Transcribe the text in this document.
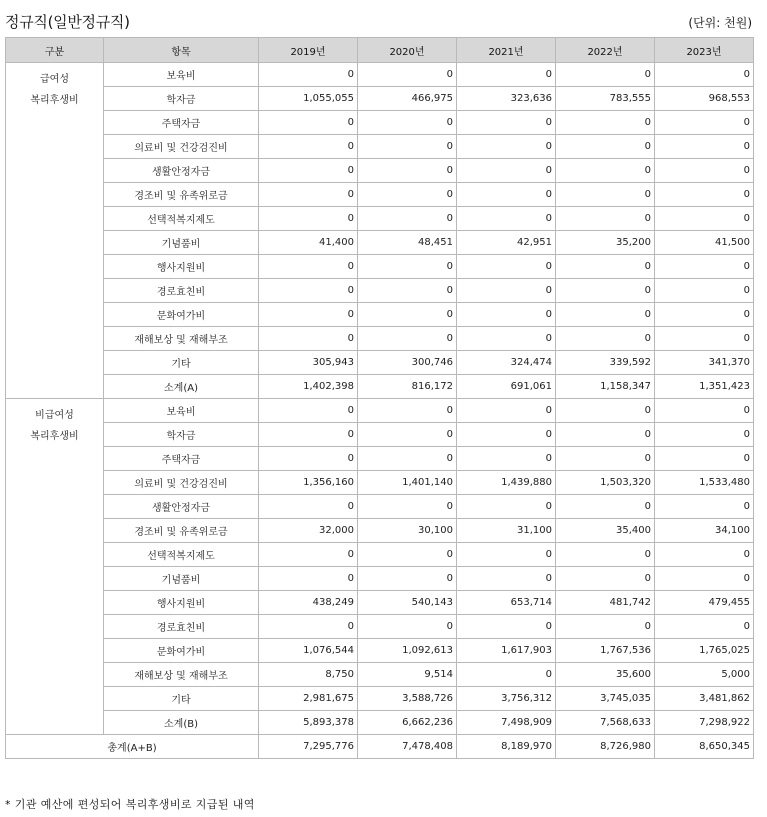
정규직(일반정규직)	(단위: 천원)
구분	항목	2019년	2020년	2021년	2022년	2023년

급여성
복리후생비	보육비	0	0	0	0	0
	학자금	1,055,055	466,975	323,636	783,555	968,553
	주택자금	0	0	0	0	0
	의료비 및 건강검진비	0	0	0	0	0
	생활안정자금	0	0	0	0	0
	경조비 및 유족위로금	0	0	0	0	0
	선택적복지제도	0	0	0	0	0
	기념품비	41,400	48,451	42,951	35,200	41,500
	행사지원비	0	0	0	0	0
	경로효친비	0	0	0	0	0
	문화여가비	0	0	0	0	0
	재해보상 및 재해부조	0	0	0	0	0
	기타	305,943	300,746	324,474	339,592	341,370
	소계(A)	1,402,398	816,172	691,061	1,158,347	1,351,423

비급여성
복리후생비	보육비	0	0	0	0	0
	학자금	0	0	0	0	0
	주택자금	0	0	0	0	0
	의료비 및 건강검진비	1,356,160	1,401,140	1,439,880	1,503,320	1,533,480
	생활안정자금	0	0	0	0	0
	경조비 및 유족위로금	32,000	30,100	31,100	35,400	34,100
	선택적복지제도	0	0	0	0	0
	기념품비	0	0	0	0	0
	행사지원비	438,249	540,143	653,714	481,742	479,455
	경로효친비	0	0	0	0	0
	문화여가비	1,076,544	1,092,613	1,617,903	1,767,536	1,765,025
	재해보상 및 재해부조	8,750	9,514	0	35,600	5,000
	기타	2,981,675	3,588,726	3,756,312	3,745,035	3,481,862
	소계(B)	5,893,378	6,662,236	7,498,909	7,568,633	7,298,922
총계(A+B)		7,295,776	7,478,408	8,189,970	8,726,980	8,650,345
* 기관 예산에 편성되어 복리후생비로 지급된 내역
